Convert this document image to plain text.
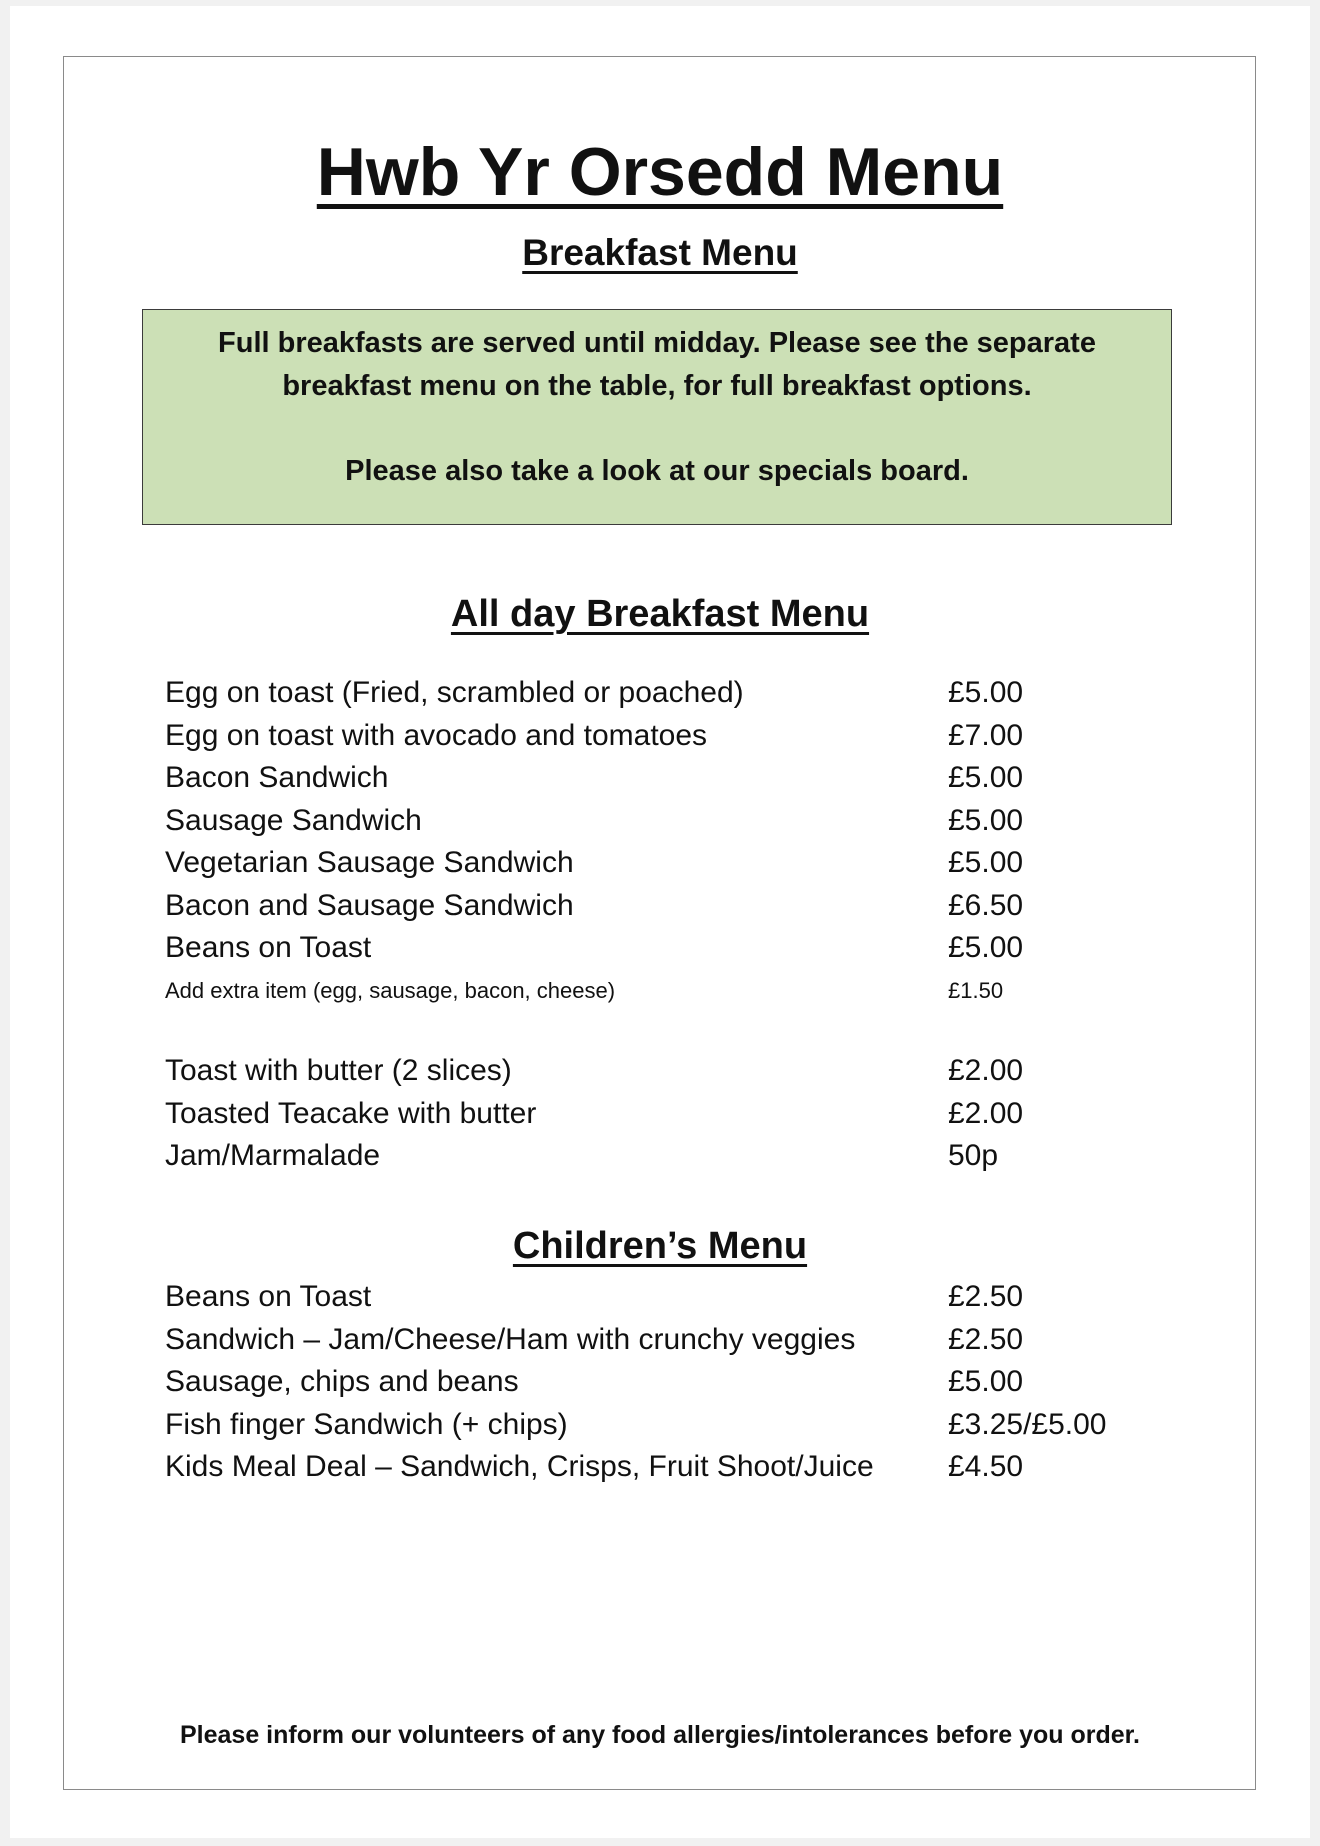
Hwb Yr Orsedd Menu
Breakfast Menu

Full breakfasts are served until midday. Please see the separate

breakfast menu on the table, for full breakfast options.

Please also take a look at our specials board.

All day Breakfast Menu
Egg on toast (Fried, scrambled or poached)	£5.00
Egg on toast with avocado and tomatoes	£7.00
Bacon Sandwich	£5.00
Sausage Sandwich	£5.00
Vegetarian Sausage Sandwich	£5.00
Bacon and Sausage Sandwich	£6.50
Beans on Toast	£5.00
Add extra item (egg, sausage, bacon, cheese)	£1.50
Toast with butter (2 slices)	£2.00
Toasted Teacake with butter	£2.00
Jam/Marmalade	50p
Children’s Menu
Beans on Toast	£2.50
Sandwich – Jam/Cheese/Ham with crunchy veggies	£2.50
Sausage, chips and beans	£5.00
Fish finger Sandwich (+ chips)	£3.25/£5.00
Kids Meal Deal – Sandwich, Crisps, Fruit Shoot/Juice £4.50
Please inform our volunteers of any food allergies/intolerances before you order.
